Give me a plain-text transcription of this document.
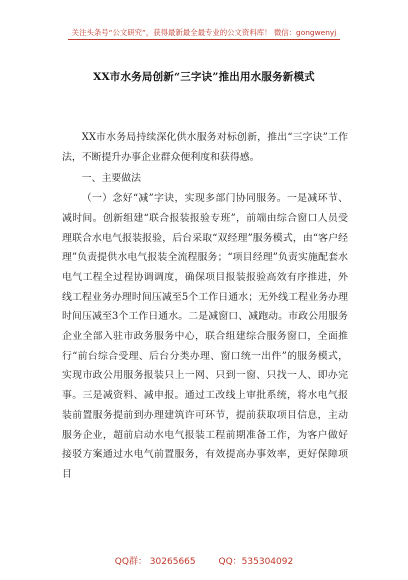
关注头条号“公文研究”，获得最新最全最专业的公文资料库！ 微信：gongwenyj
XX市水务局创新“三字诀”推出用水服务新模式

XX市水务局持续深化供水服务对标创新，推出“三字诀”工作法，不断提升办事企业群众便利度和获得感。

一、主要做法

（一）念好“减”字诀，实现多部门协同服务。一是减环节、减时间。创新组建“联合报装报验专班”，前端由综合窗口人员受理联合水电气报装报验，后台采取“双经理”服务模式，由“客户经理”负责提供水电气报装全流程服务；“项目经理”负责实施配套水电气工程全过程协调调度，确保项目报装报验高效有序推进，外线工程业务办理时间压减至5个工作日通水；无外线工程业务办理时间压减至3个工作日通水。二是减窗口、减跑动。市政公用服务企业全部入驻市政务服务中心，联合组建综合服务窗口，全面推行“前台综合受理、后台分类办理、窗口统一出件”的服务模式，实现市政公用服务报装只上一网、只到一窗、只找一人、即办完事。三是减资料、减申报。通过工改线上审批系统，将水电气报装前置服务提前到办理建筑许可环节，提前获取项目信息，主动服务企业，超前启动水电气报装工程前期准备工作，为客户做好接驳方案通过水电气前置服务，有效提高办事效率，更好保障项目

QQ群： 30265665	QQ：535304092
